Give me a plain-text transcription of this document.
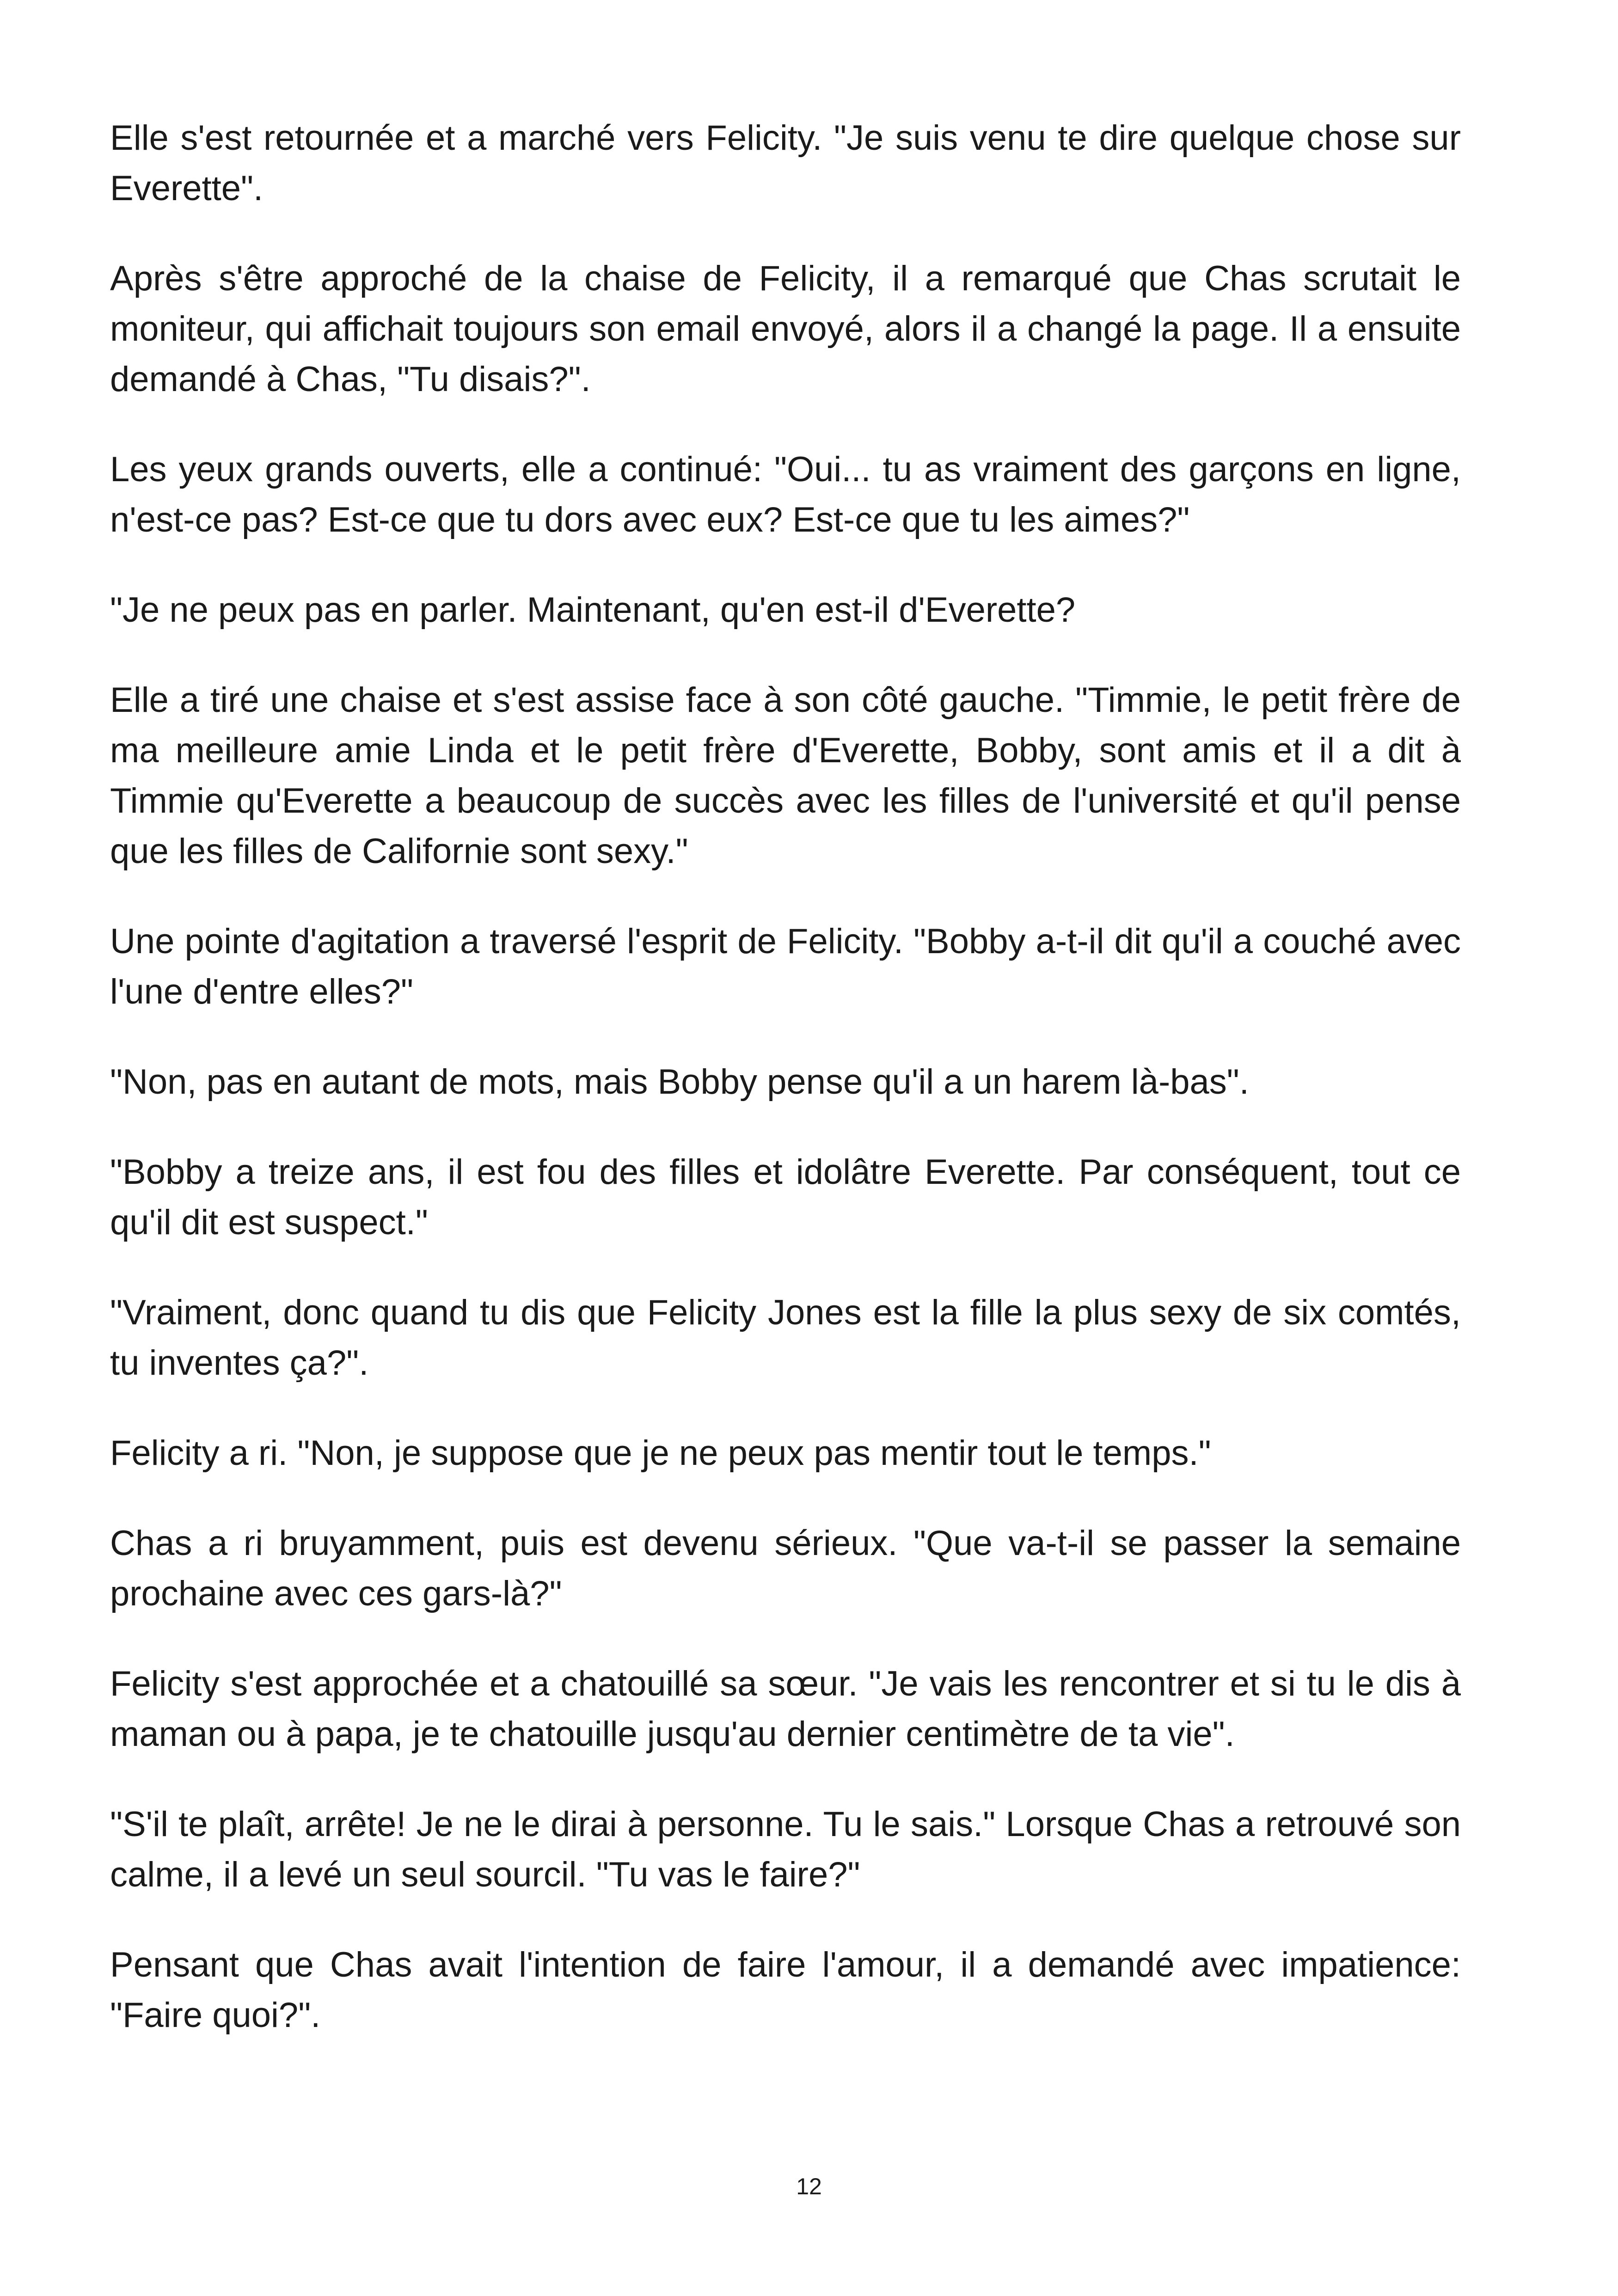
Elle s'est retournée et a marché vers Felicity. "Je suis venu te dire quelque chose sur Everette".

Après s'être approché de la chaise de Felicity, il a remarqué que Chas scrutait le moniteur, qui affichait toujours son email envoyé, alors il a changé la page. Il a ensuite demandé à Chas, "Tu disais?".

Les yeux grands ouverts, elle a continué: "Oui... tu as vraiment des garçons en ligne, n'est-ce pas? Est-ce que tu dors avec eux? Est-ce que tu les aimes?"

"Je ne peux pas en parler. Maintenant, qu'en est-il d'Everette?

Elle a tiré une chaise et s'est assise face à son côté gauche. "Timmie, le petit frère de ma meilleure amie Linda et le petit frère d'Everette, Bobby, sont amis et il a dit à Timmie qu'Everette a beaucoup de succès avec les filles de l'université et qu'il pense que les filles de Californie sont sexy."

Une pointe d'agitation a traversé l'esprit de Felicity. "Bobby a-t-il dit qu'il a couché avec l'une d'entre elles?"

"Non, pas en autant de mots, mais Bobby pense qu'il a un harem là-bas".

"Bobby a treize ans, il est fou des filles et idolâtre Everette. Par conséquent, tout ce qu'il dit est suspect."

"Vraiment, donc quand tu dis que Felicity Jones est la fille la plus sexy de six comtés, tu inventes ça?".

Felicity a ri. "Non, je suppose que je ne peux pas mentir tout le temps."

Chas a ri bruyamment, puis est devenu sérieux. "Que va-t-il se passer la semaine prochaine avec ces gars-là?"

Felicity s'est approchée et a chatouillé sa sœur. "Je vais les rencontrer et si tu le dis à maman ou à papa, je te chatouille jusqu'au dernier centimètre de ta vie".

"S'il te plaît, arrête! Je ne le dirai à personne. Tu le sais." Lorsque Chas a retrouvé son calme, il a levé un seul sourcil. "Tu vas le faire?"

Pensant que Chas avait l'intention de faire l'amour, il a demandé avec impatience: "Faire quoi?".

12
